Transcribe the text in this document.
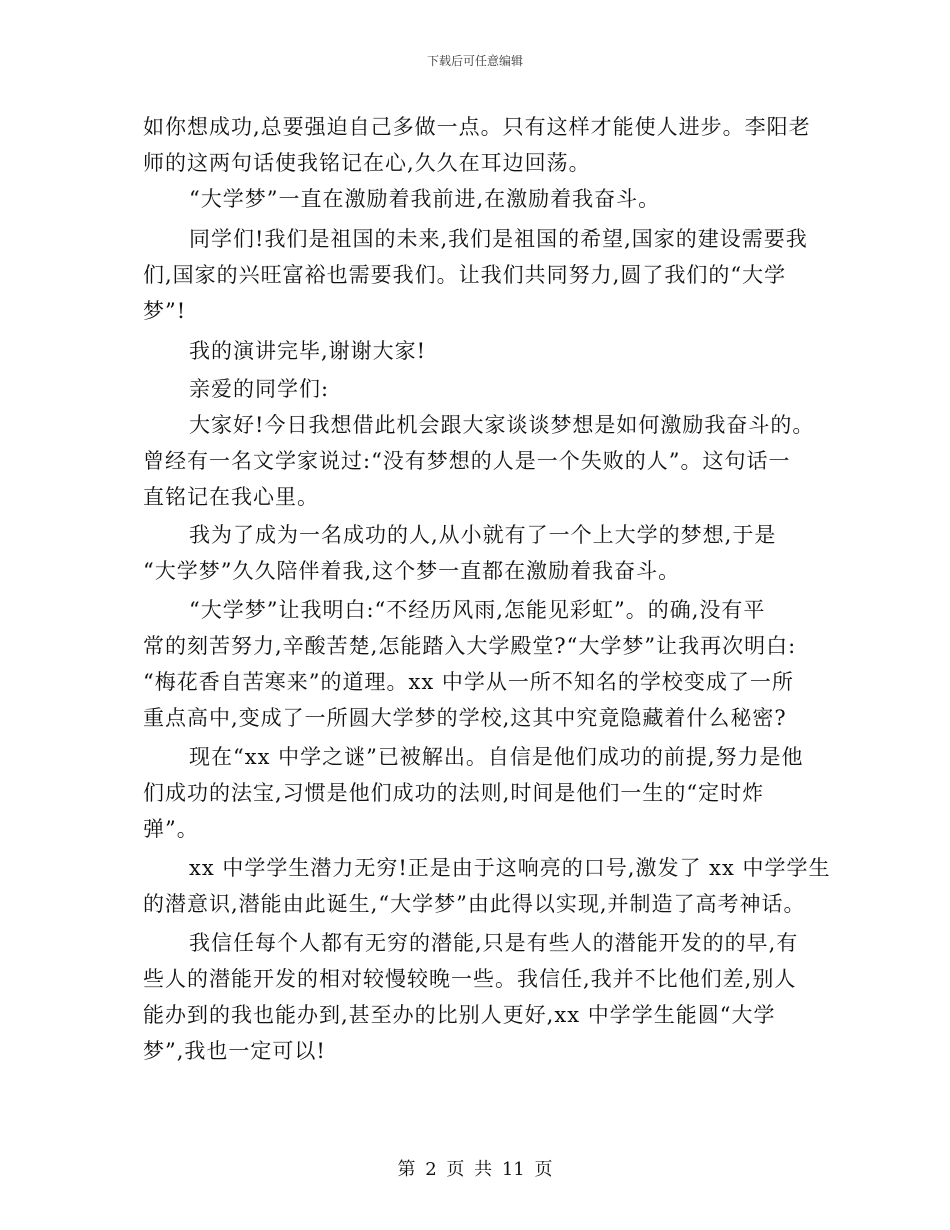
下载后可任意编辑
如你想成功,总要强迫自己多做一点。只有这样才能使人进步。李阳老
师的这两句话使我铭记在心,久久在耳边回荡。
“大学梦”一直在激励着我前进,在激励着我奋斗。
同学们!我们是祖国的未来,我们是祖国的希望,国家的建设需要我
们,国家的兴旺富裕也需要我们。让我们共同努力,圆了我们的“大学
梦”!
我的演讲完毕,谢谢大家!
亲爱的同学们:
大家好!今日我想借此机会跟大家谈谈梦想是如何激励我奋斗的。
曾经有一名文学家说过:“没有梦想的人是一个失败的人”。这句话一
直铭记在我心里。
我为了成为一名成功的人,从小就有了一个上大学的梦想,于是
“大学梦”久久陪伴着我,这个梦一直都在激励着我奋斗。
“大学梦”让我明白:“不经历风雨,怎能见彩虹”。的确,没有平
常的刻苦努力,辛酸苦楚,怎能踏入大学殿堂?“大学梦”让我再次明白:
“梅花香自苦寒来”的道理。xx 中学从一所不知名的学校变成了一所
重点高中,变成了一所圆大学梦的学校,这其中究竟隐藏着什么秘密?
现在“xx 中学之谜”已被解出。自信是他们成功的前提,努力是他
们成功的法宝,习惯是他们成功的法则,时间是他们一生的“定时炸
弹”。
xx 中学学生潜力无穷!正是由于这响亮的口号,激发了 xx 中学学生
的潜意识,潜能由此诞生,“大学梦”由此得以实现,并制造了高考神话。
我信任每个人都有无穷的潜能,只是有些人的潜能开发的的早,有
些人的潜能开发的相对较慢较晚一些。我信任,我并不比他们差,别人
能办到的我也能办到,甚至办的比别人更好,xx 中学学生能圆“大学
梦”,我也一定可以!
第 2 页 共 11 页
